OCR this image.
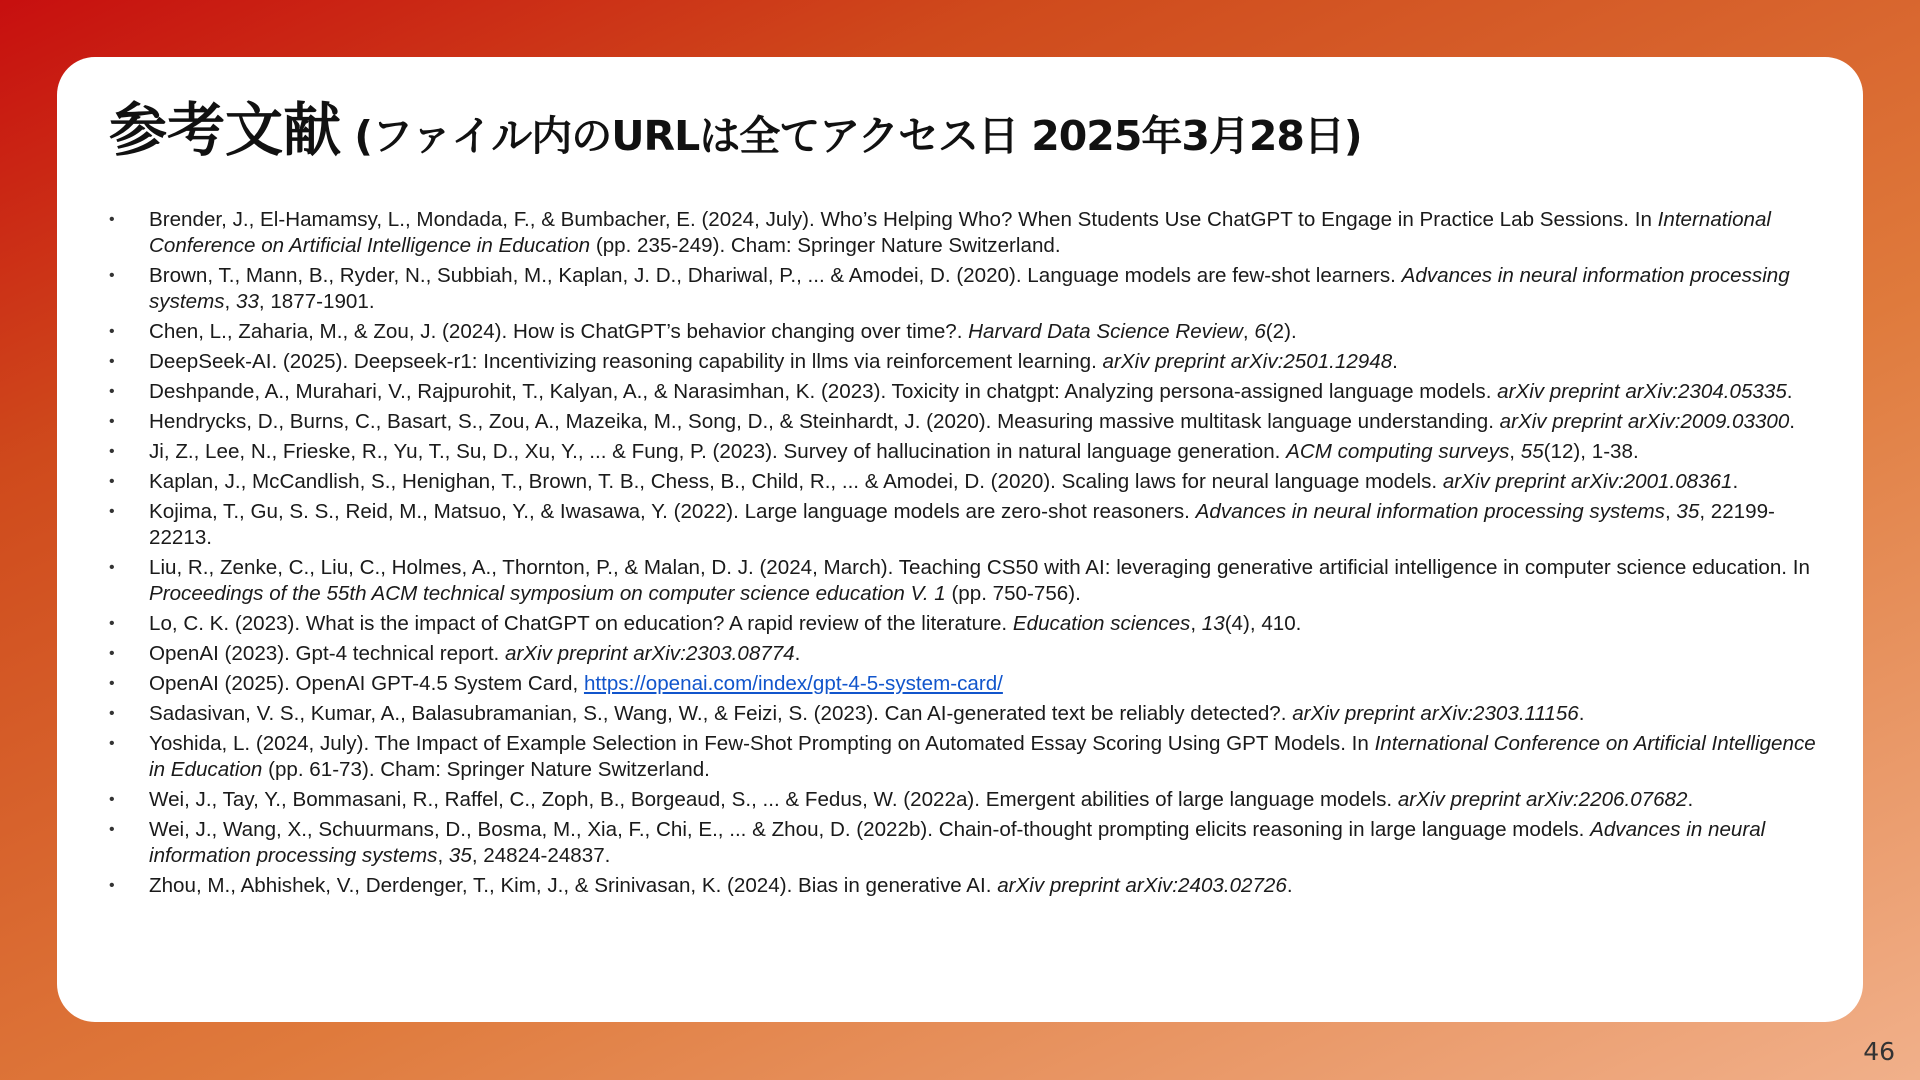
参考文献 (ファイル内のURLは全てアクセス日 2025年3月28日)
• Brender, J., El-Hamamsy, L., Mondada, F., & Bumbacher, E. (2024, July). Who’s Helping Who? When Students Use ChatGPT to Engage in Practice Lab Sessions. In International Conference on Artificial Intelligence in Education (pp. 235-249). Cham: Springer Nature Switzerland.
• Brown, T., Mann, B., Ryder, N., Subbiah, M., Kaplan, J. D., Dhariwal, P., ... & Amodei, D. (2020). Language models are few-shot learners. Advances in neural information processing systems, 33, 1877-1901.
• Chen, L., Zaharia, M., & Zou, J. (2024). How is ChatGPT’s behavior changing over time?. Harvard Data Science Review, 6(2).
• DeepSeek-AI. (2025). Deepseek-r1: Incentivizing reasoning capability in llms via reinforcement learning. arXiv preprint arXiv:2501.12948.
• Deshpande, A., Murahari, V., Rajpurohit, T., Kalyan, A., & Narasimhan, K. (2023). Toxicity in chatgpt: Analyzing persona-assigned language models. arXiv preprint arXiv:2304.05335.
• Hendrycks, D., Burns, C., Basart, S., Zou, A., Mazeika, M., Song, D., & Steinhardt, J. (2020). Measuring massive multitask language understanding. arXiv preprint arXiv:2009.03300.
• Ji, Z., Lee, N., Frieske, R., Yu, T., Su, D., Xu, Y., ... & Fung, P. (2023). Survey of hallucination in natural language generation. ACM computing surveys, 55(12), 1-38.
• Kaplan, J., McCandlish, S., Henighan, T., Brown, T. B., Chess, B., Child, R., ... & Amodei, D. (2020). Scaling laws for neural language models. arXiv preprint arXiv:2001.08361.
• Kojima, T., Gu, S. S., Reid, M., Matsuo, Y., & Iwasawa, Y. (2022). Large language models are zero-shot reasoners. Advances in neural information processing systems, 35, 22199-22213.
• Liu, R., Zenke, C., Liu, C., Holmes, A., Thornton, P., & Malan, D. J. (2024, March). Teaching CS50 with AI: leveraging generative artificial intelligence in computer science education. In Proceedings of the 55th ACM technical symposium on computer science education V. 1 (pp. 750-756).
• Lo, C. K. (2023). What is the impact of ChatGPT on education? A rapid review of the literature. Education sciences, 13(4), 410.
• OpenAI (2023). Gpt-4 technical report. arXiv preprint arXiv:2303.08774.
• OpenAI (2025). OpenAI GPT-4.5 System Card, https://openai.com/index/gpt-4-5-system-card/
• Sadasivan, V. S., Kumar, A., Balasubramanian, S., Wang, W., & Feizi, S. (2023). Can AI-generated text be reliably detected?. arXiv preprint arXiv:2303.11156.
• Yoshida, L. (2024, July). The Impact of Example Selection in Few-Shot Prompting on Automated Essay Scoring Using GPT Models. In International Conference on Artificial Intelligence in Education (pp. 61-73). Cham: Springer Nature Switzerland.
• Wei, J., Tay, Y., Bommasani, R., Raffel, C., Zoph, B., Borgeaud, S., ... & Fedus, W. (2022a). Emergent abilities of large language models. arXiv preprint arXiv:2206.07682.
• Wei, J., Wang, X., Schuurmans, D., Bosma, M., Xia, F., Chi, E., ... & Zhou, D. (2022b). Chain-of-thought prompting elicits reasoning in large language models. Advances in neural information processing systems, 35, 24824-24837.
• Zhou, M., Abhishek, V., Derdenger, T., Kim, J., & Srinivasan, K. (2024). Bias in generative AI. arXiv preprint arXiv:2403.02726.
46
